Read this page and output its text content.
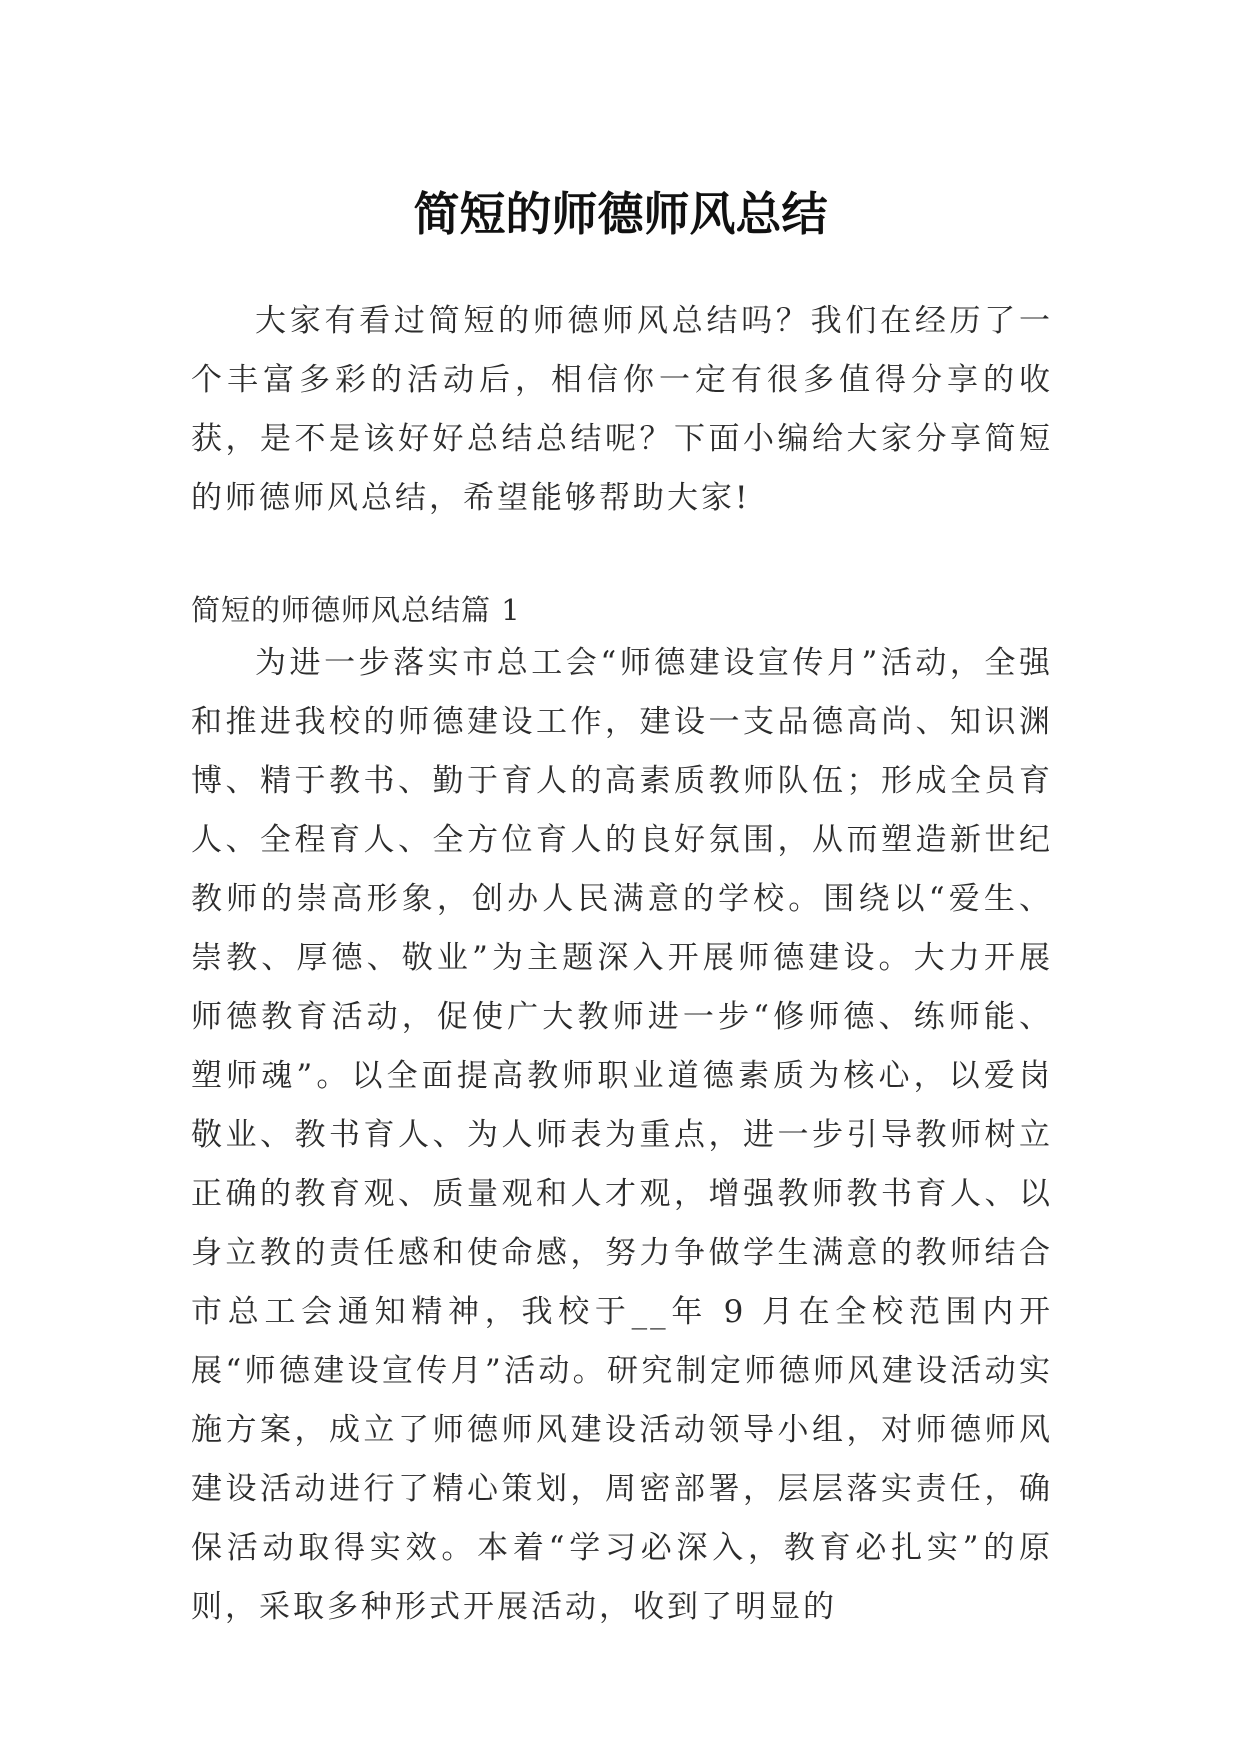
简短的师德师风总结

大家有看过简短的师德师风总结吗？我们在经历了一个丰富多彩的活动后，相信你一定有很多值得分享的收获，是不是该好好总结总结呢？下面小编给大家分享简短的师德师风总结，希望能够帮助大家!

简短的师德师风总结篇 1

为进一步落实市总工会“师德建设宣传月”活动，全强和推进我校的师德建设工作，建设一支品德高尚、知识渊博、精于教书、勤于育人的高素质教师队伍；形成全员育人、全程育人、全方位育人的良好氛围，从而塑造新世纪教师的崇高形象，创办人民满意的学校。围绕以“爱生、崇教、厚德、敬业”为主题深入开展师德建设。大力开展师德教育活动，促使广大教师进一步“修师德、练师能、塑师魂”。以全面提高教师职业道德素质为核心，以爱岗敬业、教书育人、为人师表为重点，进一步引导教师树立正确的教育观、质量观和人才观，增强教师教书育人、以身立教的责任感和使命感，努力争做学生满意的教师结合市总工会通知精神，我校于__年 9 月在全校范围内开展“师德建设宣传月”活动。研究制定师德师风建设活动实施方案，成立了师德师风建设活动领导小组，对师德师风建设活动进行了精心策划，周密部署，层层落实责任，确保活动取得实效。本着“学习必深入，教育必扎实”的原则，采取多种形式开展活动，收到了明显的
